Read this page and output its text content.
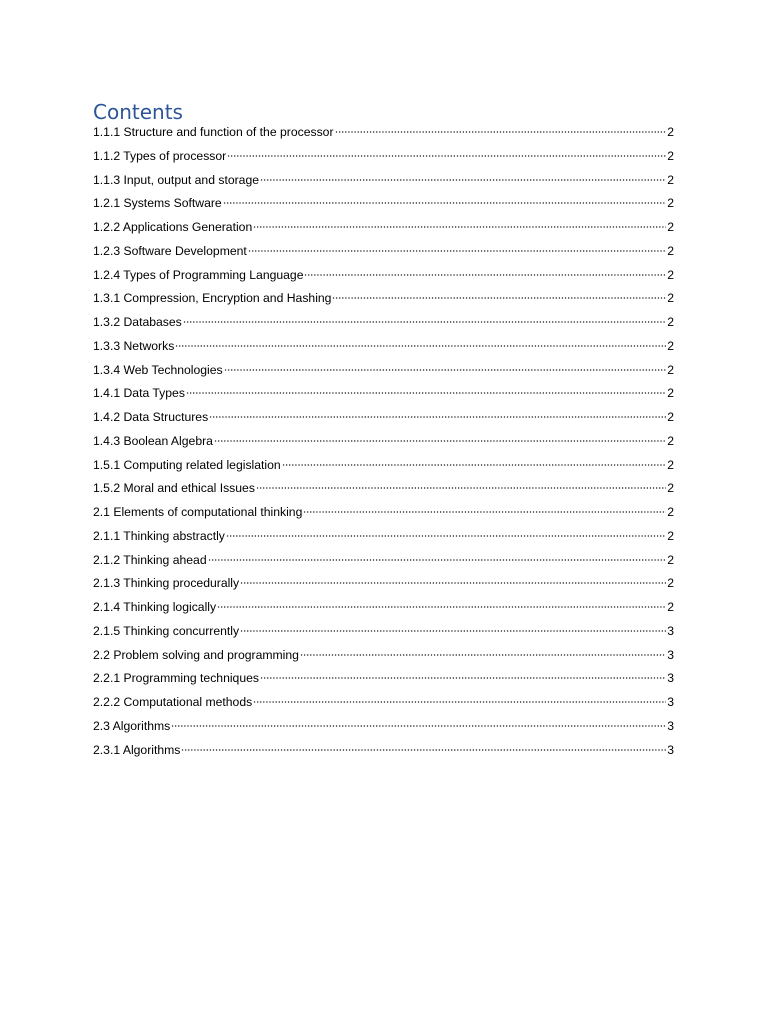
Contents
1.1.1 Structure and function of the processor	2
1.1.2 Types of processor	2
1.1.3 Input, output and storage	2
1.2.1 Systems Software	2
1.2.2 Applications Generation	2
1.2.3 Software Development	2
1.2.4 Types of Programming Language	2
1.3.1 Compression, Encryption and Hashing	2
1.3.2 Databases	2
1.3.3 Networks	2
1.3.4 Web Technologies	2
1.4.1 Data Types	2
1.4.2 Data Structures	2
1.4.3 Boolean Algebra	2
1.5.1 Computing related legislation	2
1.5.2 Moral and ethical Issues	2
2.1 Elements of computational thinking	2
2.1.1 Thinking abstractly	2
2.1.2 Thinking ahead	2
2.1.3 Thinking procedurally	2
2.1.4 Thinking logically	2
2.1.5 Thinking concurrently	3
2.2 Problem solving and programming	3
2.2.1 Programming techniques	3
2.2.2 Computational methods	3
2.3 Algorithms	3
2.3.1 Algorithms	3
